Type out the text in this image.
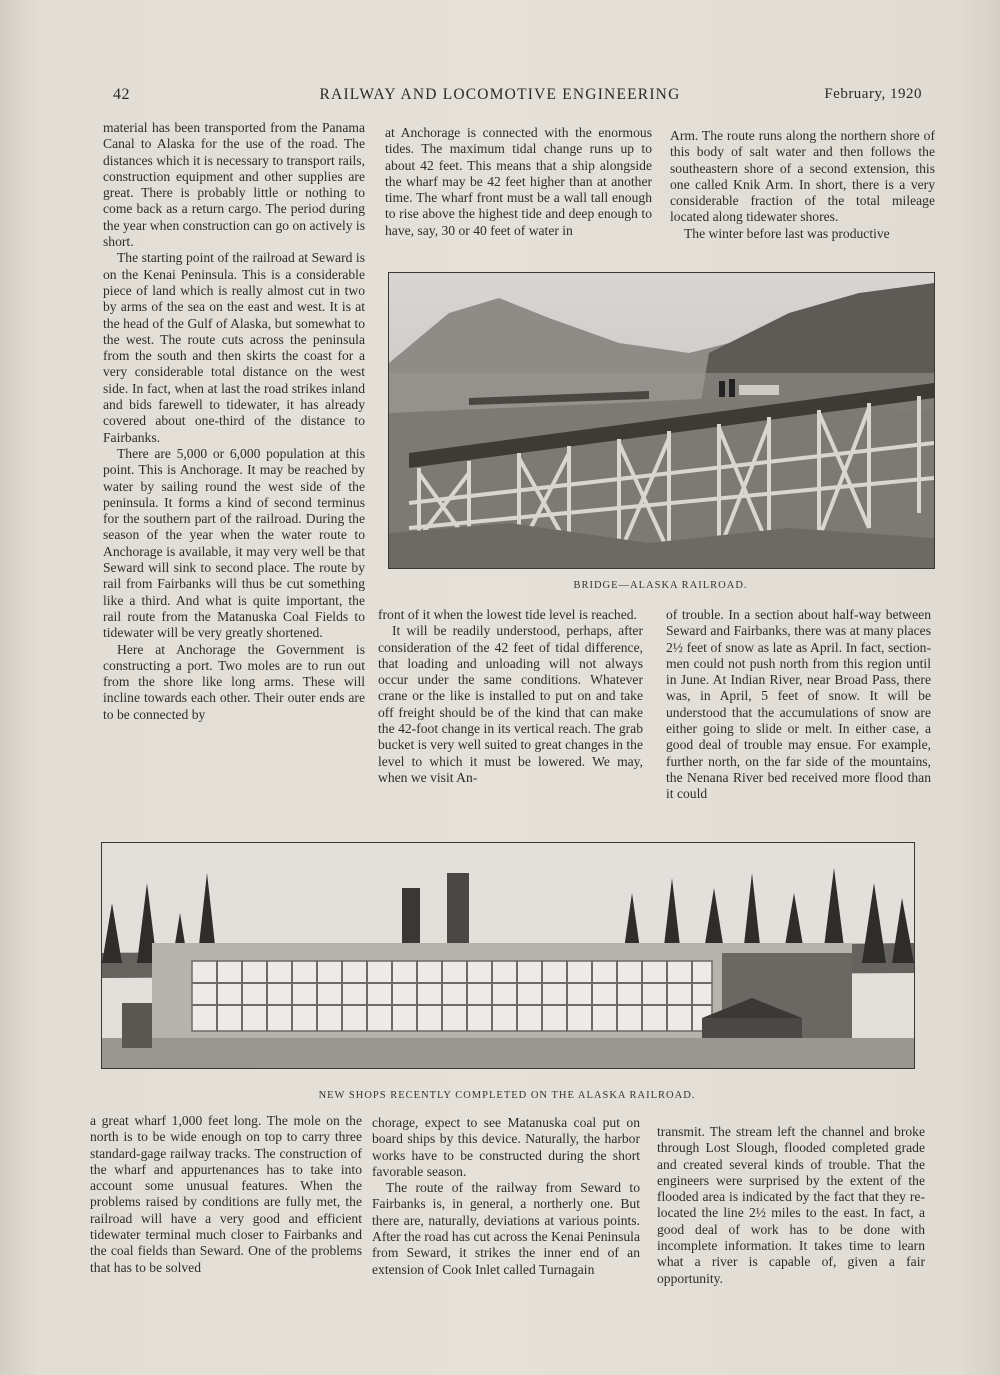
42	RAILWAY AND LOCOMOTIVE ENGINEERING	February, 1920

material has been transported from the Panama Canal to Alaska for the use of the road. The distances which it is necessary to transport rails, construction equipment and other supplies are great. There is probably little or nothing to come back as a return cargo. The period during the year when construction can go on actively is short.

The starting point of the railroad at Seward is on the Kenai Peninsula. This is a considerable piece of land which is really almost cut in two by arms of the sea on the east and west. It is at the head of the Gulf of Alaska, but somewhat to the west. The route cuts across the peninsula from the south and then skirts the coast for a very considerable total distance on the west side. In fact, when at last the road strikes inland and bids farewell to tidewater, it has already covered about one-third of the distance to Fairbanks.

There are 5,000 or 6,000 population at this point. This is Anchorage. It may be reached by water by sailing round the west side of the peninsula. It forms a kind of second terminus for the southern part of the railroad. During the season of the year when the water route to Anchorage is available, it may very well be that Seward will sink to second place. The route by rail from Fairbanks will thus be cut something like a third. And what is quite important, the rail route from the Matanuska Coal Fields to tidewater will be very greatly shortened.

Here at Anchorage the Government is constructing a port. Two moles are to run out from the shore like long arms. These will incline towards each other. Their outer ends are to be connected by

at Anchorage is connected with the enormous tides. The maximum tidal change runs up to about 42 feet. This means that a ship alongside the wharf may be 42 feet higher than at another time. The wharf front must be a wall tall enough to rise above the highest tide and deep enough to have, say, 30 or 40 feet of water in

Arm. The route runs along the northern shore of this body of salt water and then follows the southeastern shore of a second extension, this one called Knik Arm. In short, there is a very considerable fraction of the total mileage located along tidewater shores.

The winter before last was productive

BRIDGE—ALASKA RAILROAD.

front of it when the lowest tide level is reached.

It will be readily understood, perhaps, after consideration of the 42 feet of tidal difference, that loading and unloading will not always occur under the same conditions. Whatever crane or the like is installed to put on and take off freight should be of the kind that can make the 42-foot change in its vertical reach. The grab bucket is very well suited to great changes in the level to which it must be lowered. We may, when we visit An-

of trouble. In a section about half-way between Seward and Fairbanks, there was at many places 2½ feet of snow as late as April. In fact, section-men could not push north from this region until in June. At Indian River, near Broad Pass, there was, in April, 5 feet of snow. It will be understood that the accumulations of snow are either going to slide or melt. In either case, a good deal of trouble may ensue. For example, further north, on the far side of the mountains, the Nenana River bed received more flood than it could

NEW SHOPS RECENTLY COMPLETED ON THE ALASKA RAILROAD.

a great wharf 1,000 feet long. The mole on the north is to be wide enough on top to carry three standard-gage railway tracks. The construction of the wharf and appurtenances has to take into account some unusual features. When the problems raised by conditions are fully met, the railroad will have a very good and efficient tidewater terminal much closer to Fairbanks and the coal fields than Seward. One of the problems that has to be solved

chorage, expect to see Matanuska coal put on board ships by this device. Naturally, the harbor works have to be constructed during the short favorable season.

The route of the railway from Seward to Fairbanks is, in general, a northerly one. But there are, naturally, deviations at various points. After the road has cut across the Kenai Peninsula from Seward, it strikes the inner end of an extension of Cook Inlet called Turnagain

transmit. The stream left the channel and broke through Lost Slough, flooded completed grade and created several kinds of trouble. That the engineers were surprised by the extent of the flooded area is indicated by the fact that they re-located the line 2½ miles to the east. In fact, a good deal of work has to be done with incomplete information. It takes time to learn what a river is capable of, given a fair opportunity.
